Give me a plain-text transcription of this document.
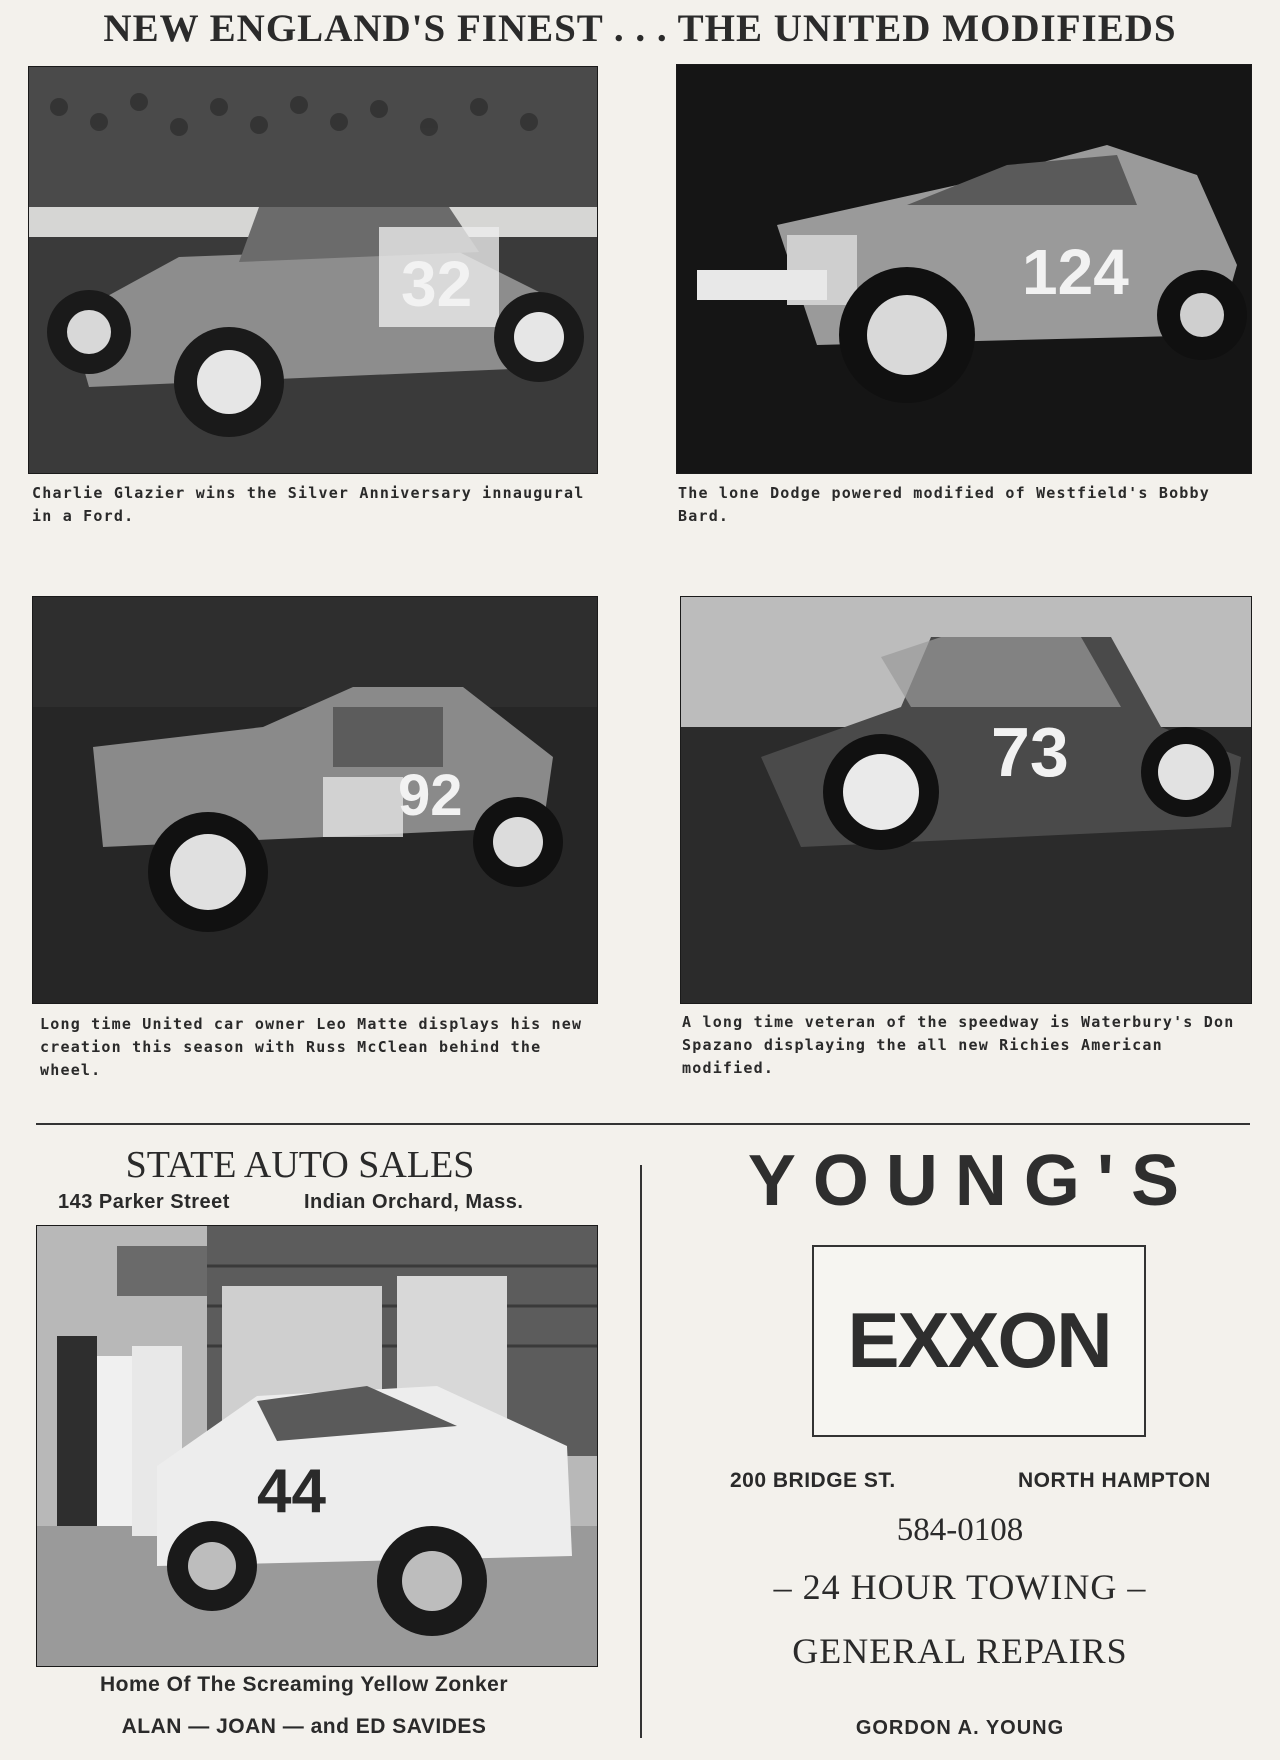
NEW ENGLAND'S FINEST . . . THE UNITED MODIFIEDS
32

Charlie Glazier wins the Silver Anniversary innaugural in a Ford.

124

The lone Dodge powered modified of Westfield's Bobby Bard.

92

Long time United car owner Leo Matte displays his new creation this season with Russ McClean behind the wheel.

73

A long time veteran of the speedway is Waterbury's Don Spazano displaying the all new Richies American modified.

STATE AUTO SALES
143 Parker Street	Indian Orchard, Mass.
44

Home Of The Screaming Yellow Zonker

ALAN — JOAN — and ED SAVIDES

YOUNG'S
EXXON
200 BRIDGE ST.	NORTH HAMPTON

584-0108

– 24 HOUR TOWING –

GENERAL REPAIRS

GORDON A. YOUNG
